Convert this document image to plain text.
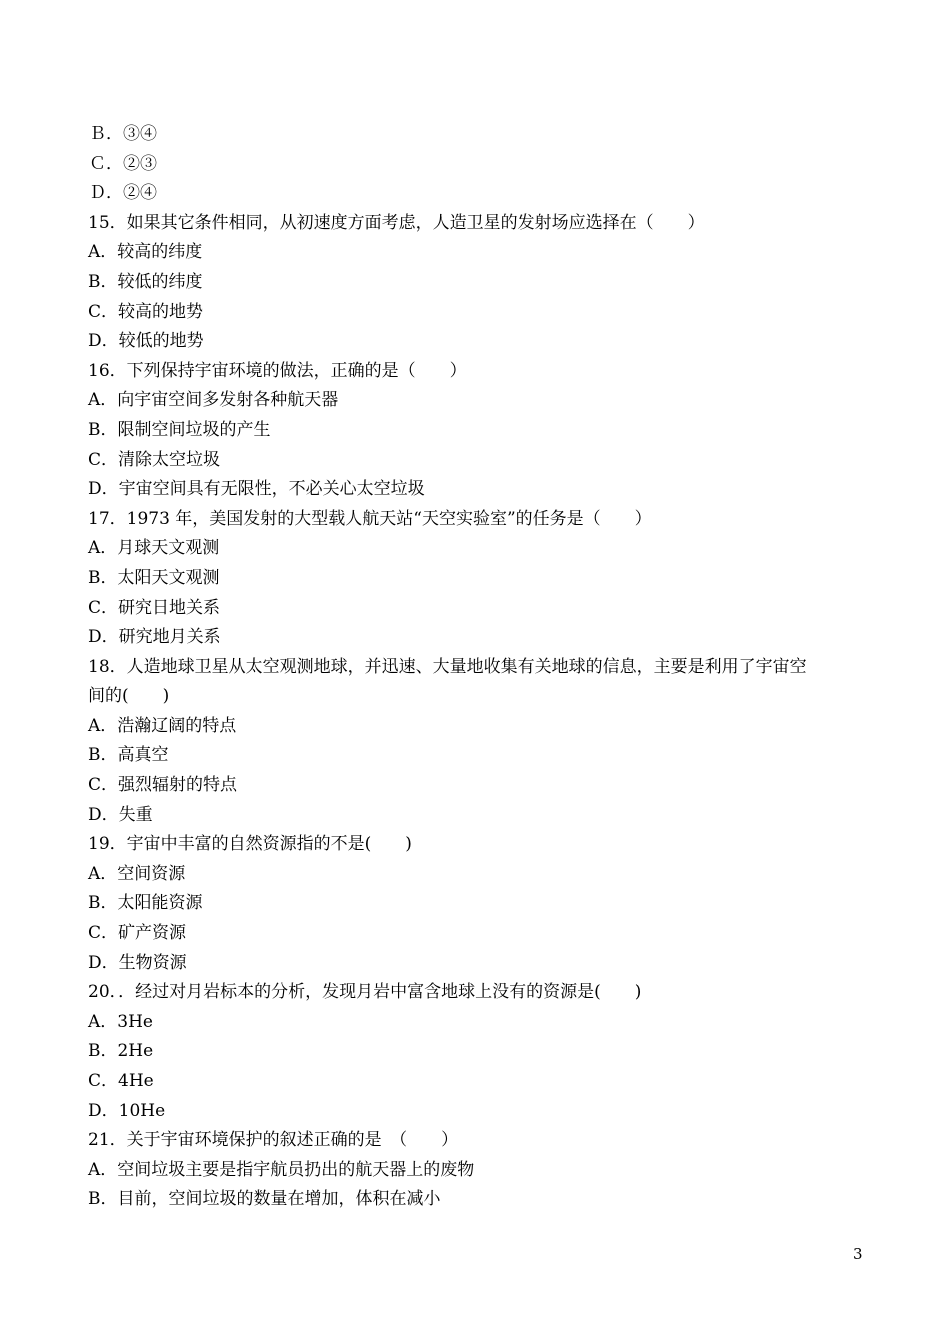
Ｂ．③④
Ｃ．②③
Ｄ．②④
15．如果其它条件相同，从初速度方面考虑，人造卫星的发射场应选择在（　　）
A．较高的纬度
B．较低的纬度
C．较高的地势
D．较低的地势
16．下列保持宇宙环境的做法，正确的是（　　）
A．向宇宙空间多发射各种航天器
B．限制空间垃圾的产生
C．清除太空垃圾
D．宇宙空间具有无限性，不必关心太空垃圾
17．1973 年，美国发射的大型载人航天站“天空实验室”的任务是（　　）
A．月球天文观测
B．太阳天文观测
C．研究日地关系
D．研究地月关系
18．人造地球卫星从太空观测地球，并迅速、大量地收集有关地球的信息，主要是利用了宇宙空
间的(　　)
A．浩瀚辽阔的特点
B．高真空
C．强烈辐射的特点
D．失重
19．宇宙中丰富的自然资源指的不是(　　)
A．空间资源
B．太阳能资源
C．矿产资源
D．生物资源
20．．经过对月岩标本的分析，发现月岩中富含地球上没有的资源是(　　)
A．3He
B．2He
C．4He
D．10He
21．关于宇宙环境保护的叙述正确的是　（　　）
A．空间垃圾主要是指宇航员扔出的航天器上的废物
B．目前，空间垃圾的数量在增加，体积在减小
3
